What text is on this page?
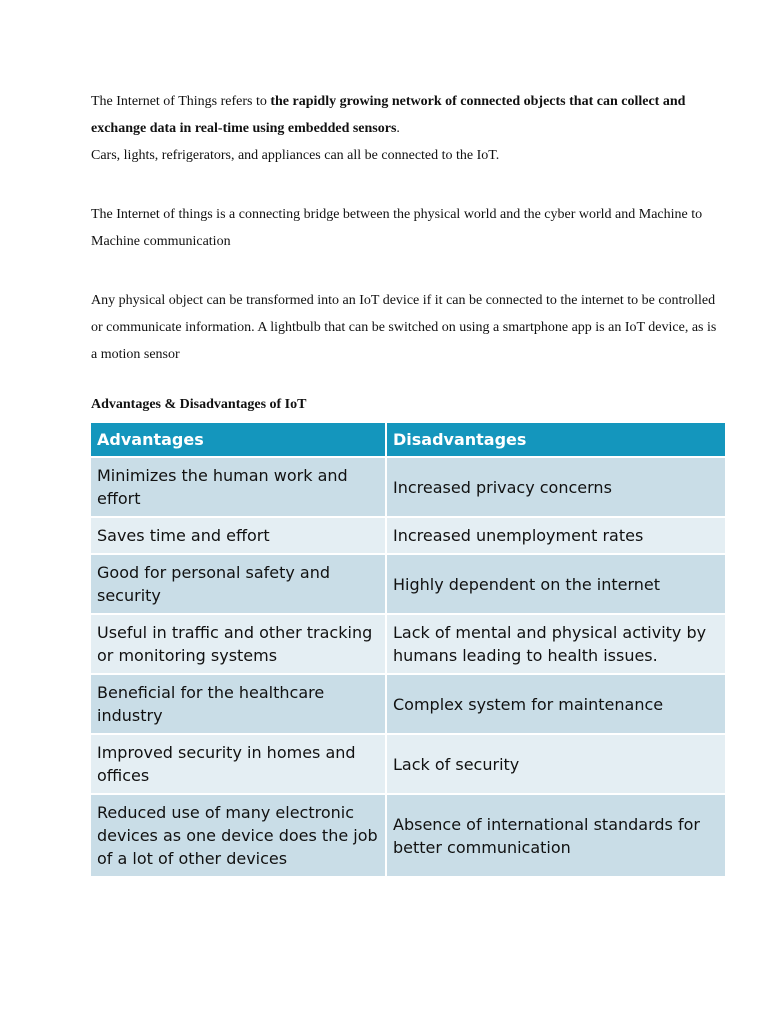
The Internet of Things refers to the rapidly growing network of connected objects that can collect and exchange data in real-time using embedded sensors.

Cars, lights, refrigerators, and appliances can all be connected to the IoT.

The Internet of things is a connecting bridge between the physical world and the cyber world and Machine to Machine communication

Any physical object can be transformed into an IoT device if it can be connected to the internet to be controlled or communicate information. A lightbulb that can be switched on using a smartphone app is an IoT device, as is a motion sensor

Advantages & Disadvantages of IoT

Advantages	Disadvantages
Minimizes the human work and effort	Increased privacy concerns
Saves time and effort	Increased unemployment rates
Good for personal safety and security	Highly dependent on the internet
Useful in traffic and other tracking or monitoring systems	Lack of mental and physical activity by humans leading to health issues.
Beneficial for the healthcare industry	Complex system for maintenance
Improved security in homes and offices	Lack of security
Reduced use of many electronic devices as one device does the job of a lot of other devices	Absence of international standards for better communication
